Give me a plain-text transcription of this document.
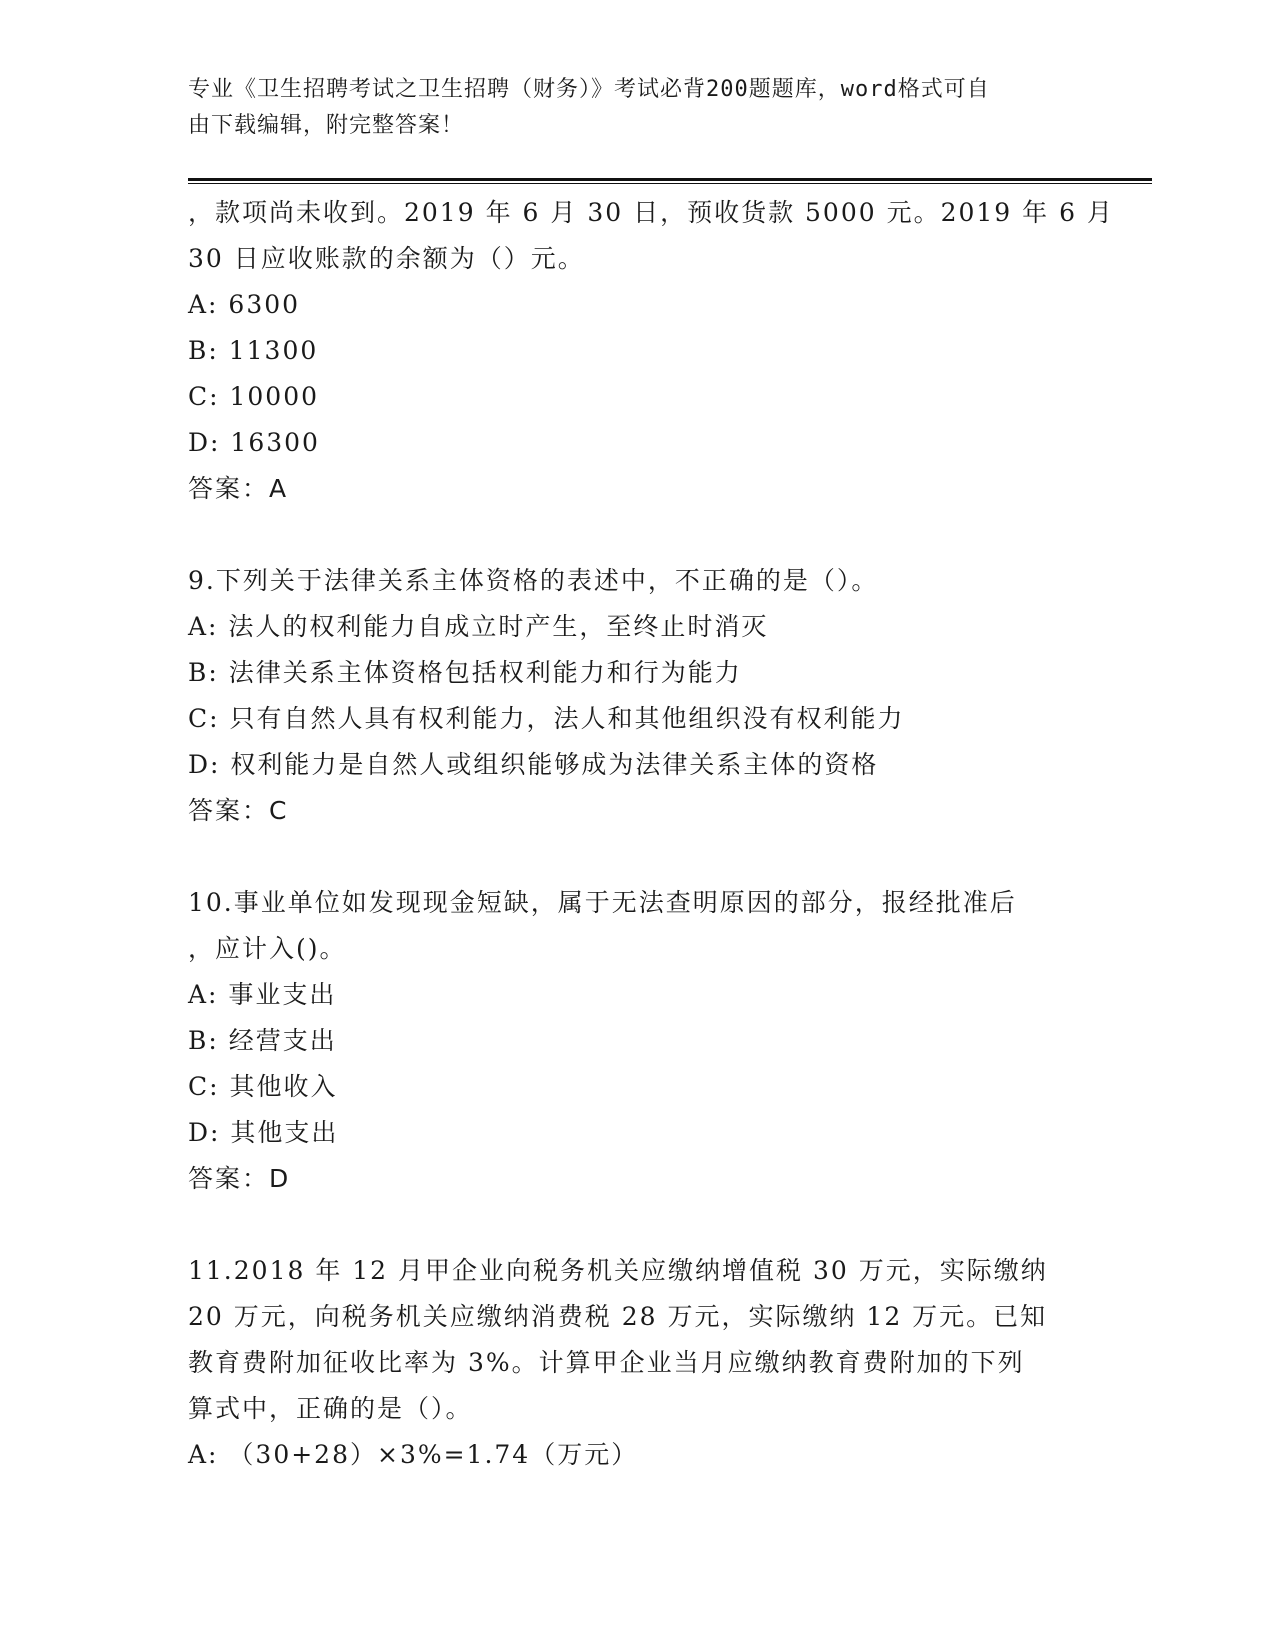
专业《卫生招聘考试之卫生招聘（财务）》考试必背200题题库，word格式可自
由下载编辑，附完整答案！
，款项尚未收到。2019 年 6 月 30 日，预收货款 5000 元。2019 年 6 月
30 日应收账款的余额为（）元。
A: 6300
B: 11300
C: 10000
D: 16300
答案：A
9.下列关于法律关系主体资格的表述中，不正确的是（）。
A: 法人的权利能力自成立时产生，至终止时消灭
B: 法律关系主体资格包括权利能力和行为能力
C: 只有自然人具有权利能力，法人和其他组织没有权利能力
D: 权利能力是自然人或组织能够成为法律关系主体的资格
答案：C
10.事业单位如发现现金短缺，属于无法查明原因的部分，报经批准后
，应计入()。
A: 事业支出
B: 经营支出
C: 其他收入
D: 其他支出
答案：D
11.2018 年 12 月甲企业向税务机关应缴纳增值税 30 万元，实际缴纳
20 万元，向税务机关应缴纳消费税 28 万元，实际缴纳 12 万元。已知
教育费附加征收比率为 3%。计算甲企业当月应缴纳教育费附加的下列
算式中，正确的是（）。
A: （30+28）×3%=1.74（万元）
